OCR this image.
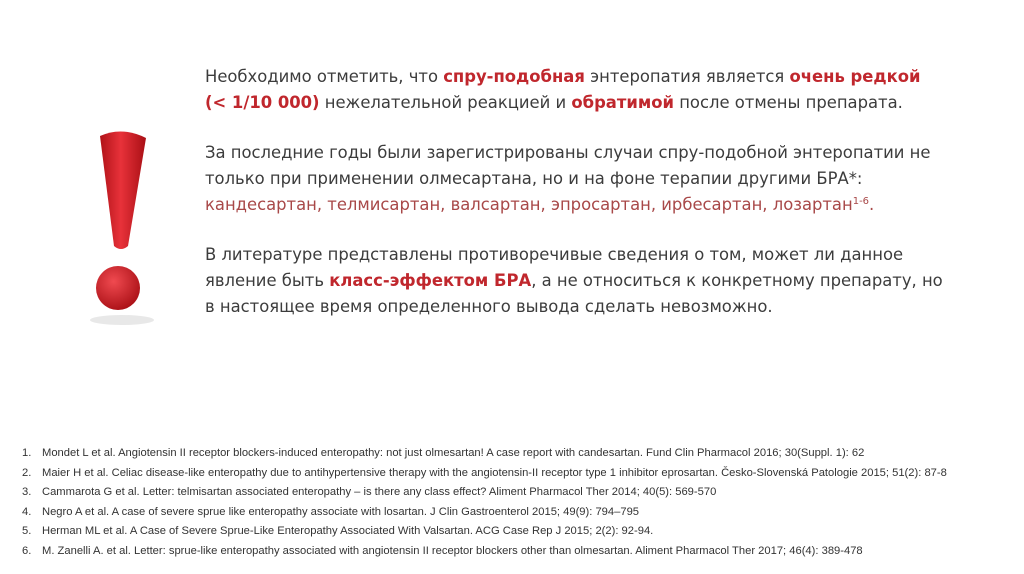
Необходимо отметить, что спру-подобная энтеропатия является очень редкой
(< 1/10 000) нежелательной реакцией и обратимой после отмены препарата.

За последние годы были зарегистрированы случаи спру-подобной энтеропатии не только при применении олмесартана, но и на фоне терапии другими БРА*:
кандесартан, телмисартан, валсартан, эпросартан, ирбесартан, лозартан$^{1-6}$.

В литературе представлены противоречивые сведения о том, может ли данное явление быть класс-эффектом БРА, а не относиться к конкретному препарату, но в настоящее время определенного вывода сделать невозможно.

1. Mondet L et al. Angiotensin II receptor blockers-induced enteropathy: not just olmesartan! A case report with candesartan. Fund Clin Pharmacol 2016; 30(Suppl. 1): 62
2. Maier H et al. Celiac disease-like enteropathy due to antihypertensive therapy with the angiotensin-II receptor type 1 inhibitor eprosartan. Česko-Slovenská Patologie 2015; 51(2): 87-8
3. Cammarota G et al. Letter: telmisartan associated enteropathy – is there any class effect? Aliment Pharmacol Ther 2014; 40(5): 569-570
4. Negro A et al. A case of severe sprue like enteropathy associate with losartan. J Clin Gastroenterol 2015; 49(9): 794–795
5. Herman ML et al. A Case of Severe Sprue-Like Enteropathy Associated With Valsartan. ACG Case Rep J 2015; 2(2): 92-94.
6. M. Zanelli A. et al. Letter: sprue-like enteropathy associated with angiotensin II receptor blockers other than olmesartan. Aliment Pharmacol Ther 2017; 46(4): 389-478
